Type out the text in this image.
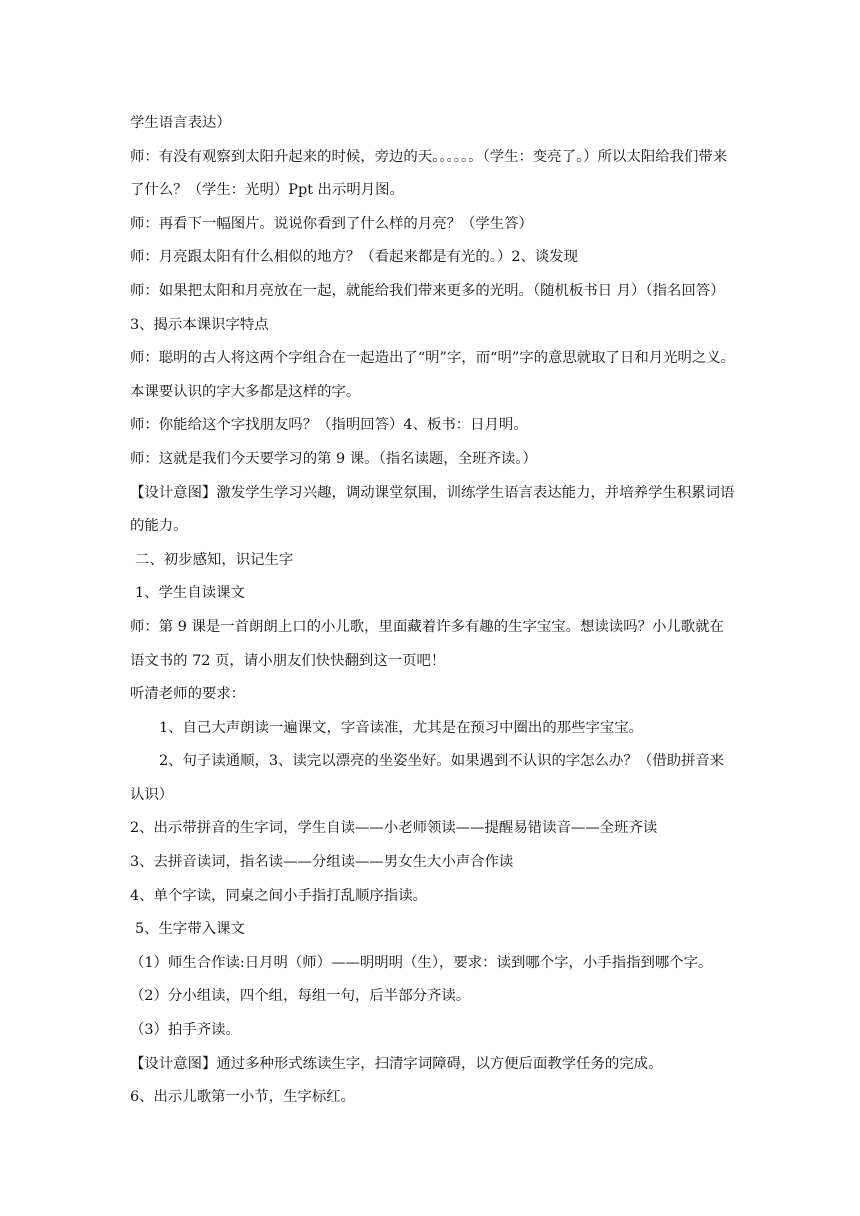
学生语言表达）

师：有没有观察到太阳升起来的时候，旁边的天。。。。。。（学生：变亮了。）所以太阳给我们带来了什么？（学生：光明）Ppt 出示明月图。

师：再看下一幅图片。说说你看到了什么样的月亮？（学生答）

师：月亮跟太阳有什么相似的地方？（看起来都是有光的。）2、谈发现

师：如果把太阳和月亮放在一起，就能给我们带来更多的光明。（随机板书日 月）（指名回答）3、揭示本课识字特点

师：聪明的古人将这两个字组合在一起造出了“明”字，而“明”字的意思就取了日和月光明之义。本课要认识的字大多都是这样的字。

师：你能给这个字找朋友吗？（指明回答）4、板书：日月明。

师：这就是我们今天要学习的第 9 课。（指名读题，全班齐读。）

【设计意图】激发学生学习兴趣，调动课堂氛围，训练学生语言表达能力，并培养学生积累词语的能力。

二、初步感知，识记生字

1、学生自读课文

师：第 9 课是一首朗朗上口的小儿歌，里面藏着许多有趣的生字宝宝。想读读吗？小儿歌就在语文书的 72 页，请小朋友们快快翻到这一页吧！

听清老师的要求：

1、自己大声朗读一遍课文，字音读准，尤其是在预习中圈出的那些字宝宝。

2、句子读通顺，3、读完以漂亮的坐姿坐好。如果遇到不认识的字怎么办？（借助拼音来认识）

2、出示带拼音的生字词，学生自读——小老师领读——提醒易错读音——全班齐读

3、去拼音读词，指名读——分组读——男女生大小声合作读

4、单个字读，同桌之间小手指打乱顺序指读。

5、生字带入课文

（1）师生合作读:日月明（师）——明明明（生），要求：读到哪个字，小手指指到哪个字。

（2）分小组读，四个组，每组一句，后半部分齐读。

（3）拍手齐读。

【设计意图】通过多种形式练读生字，扫清字词障碍，以方便后面教学任务的完成。

6、出示儿歌第一小节，生字标红。
